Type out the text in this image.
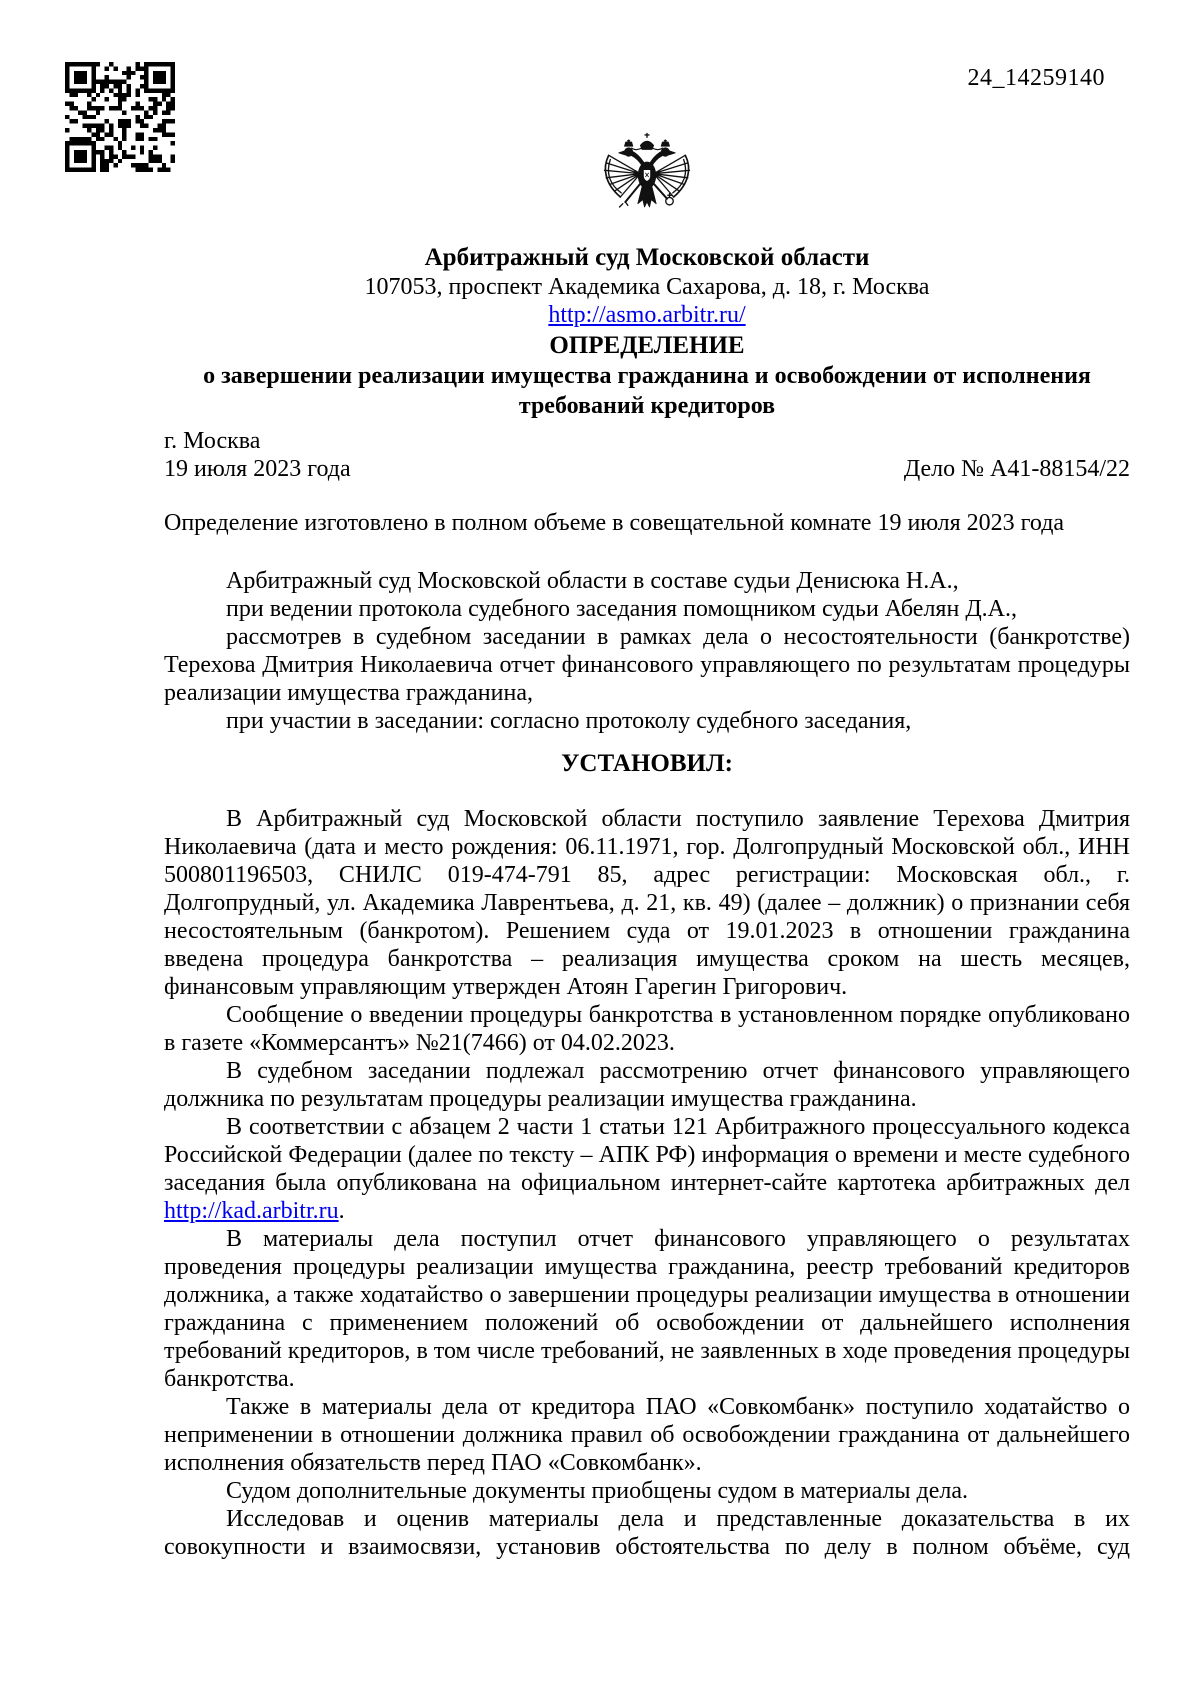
24_14259140
Арбитражный суд Московской области
107053, проспект Академика Сахарова, д. 18, г. Москва
http://asmo.arbitr.ru/
ОПРЕДЕЛЕНИЕ
о завершении реализации имущества гражданина и освобождении от исполнения
требований кредиторов
г. Москва
19 июля 2023 года	Дело № А41-88154/22

Определение изготовлено в полном объеме в совещательной комнате 19 июля 2023 года

Арбитражный суд Московской области в составе судьи Денисюка Н.А.,

при ведении протокола судебного заседания помощником судьи Абелян Д.А.,

рассмотрев в судебном заседании в рамках дела о несостоятельности (банкротстве) Терехова Дмитрия Николаевича отчет финансового управляющего по результатам процедуры реализации имущества гражданина,

при участии в заседании: согласно протоколу судебного заседания,

УСТАНОВИЛ:

В Арбитражный суд Московской области поступило заявление Терехова Дмитрия Николаевича (дата и место рождения: 06.11.1971, гор. Долгопрудный Московской обл., ИНН 500801196503, СНИЛС 019-474-791 85, адрес регистрации: Московская обл., г. Долгопрудный, ул. Академика Лаврентьева, д. 21, кв. 49) (далее – должник) о признании себя несостоятельным (банкротом). Решением суда от 19.01.2023 в отношении гражданина введена процедура банкротства – реализация имущества сроком на шесть месяцев, финансовым управляющим утвержден Атоян Гарегин Григорович.

Сообщение о введении процедуры банкротства в установленном порядке опубликовано в газете «Коммерсантъ» №21(7466) от 04.02.2023.

В судебном заседании подлежал рассмотрению отчет финансового управляющего должника по результатам процедуры реализации имущества гражданина.

В соответствии с абзацем 2 части 1 статьи 121 Арбитражного процессуального кодекса Российской Федерации (далее по тексту – АПК РФ) информация о времени и месте судебного заседания была опубликована на официальном интернет-сайте картотека арбитражных дел http://kad.arbitr.ru.

В материалы дела поступил отчет финансового управляющего о результатах проведения процедуры реализации имущества гражданина, реестр требований кредиторов должника, а также ходатайство о завершении процедуры реализации имущества в отношении гражданина с применением положений об освобождении от дальнейшего исполнения требований кредиторов, в том числе требований, не заявленных в ходе проведения процедуры банкротства.

Также в материалы дела от кредитора ПАО «Совкомбанк» поступило ходатайство о неприменении в отношении должника правил об освобождении гражданина от дальнейшего исполнения обязательств перед ПАО «Совкомбанк».

Судом дополнительные документы приобщены судом в материалы дела.

Исследовав и оценив материалы дела и представленные доказательства в их совокупности и взаимосвязи, установив обстоятельства по делу в полном объёме, суд
